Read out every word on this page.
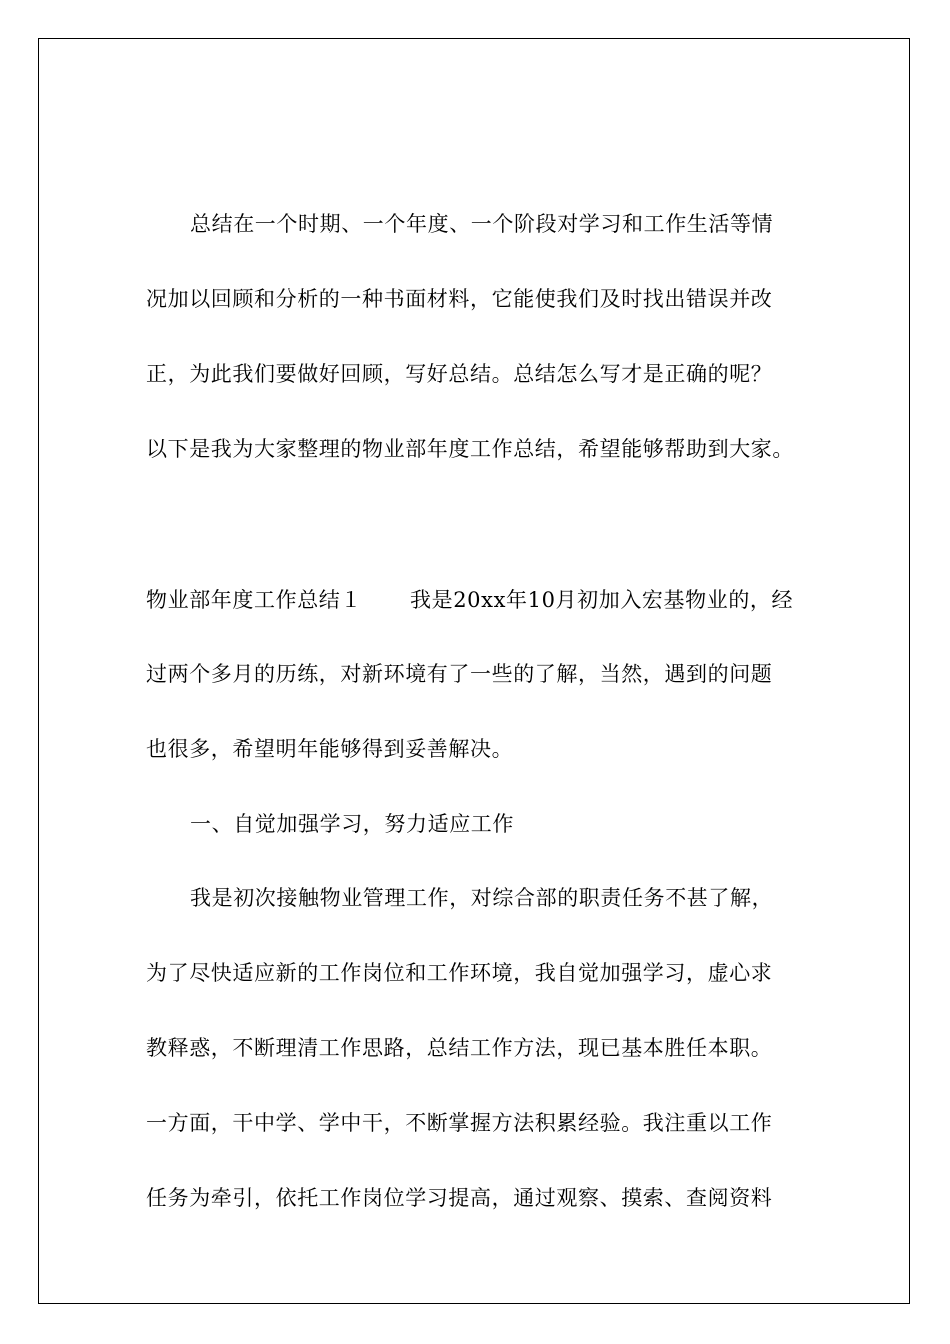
总结在一个时期、一个年度、一个阶段对学习和工作生活等情
况加以回顾和分析的一种书面材料，它能使我们及时找出错误并改
正，为此我们要做好回顾，写好总结。总结怎么写才是正确的呢？
以下是我为大家整理的物业部年度工作总结，希望能够帮助到大家。
物业部年度工作总结１ 我是20xx年10月初加入宏基物业的，经
过两个多月的历练，对新环境有了一些的了解，当然，遇到的问题
也很多，希望明年能够得到妥善解决。
一、自觉加强学习，努力适应工作
我是初次接触物业管理工作，对综合部的职责任务不甚了解，
为了尽快适应新的工作岗位和工作环境，我自觉加强学习，虚心求
教释惑，不断理清工作思路，总结工作方法，现已基本胜任本职。
一方面，干中学、学中干，不断掌握方法积累经验。我注重以工作
任务为牵引，依托工作岗位学习提高，通过观察、摸索、查阅资料
